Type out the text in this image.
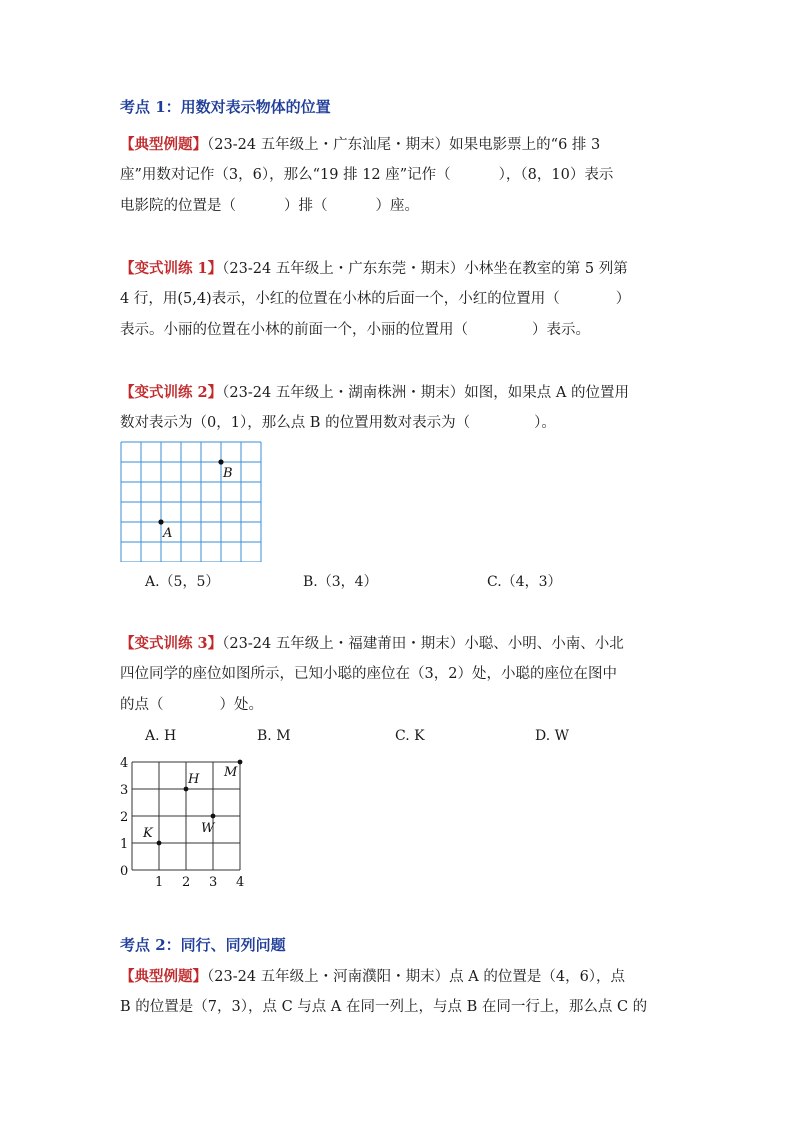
考点 1：用数对表示物体的位置
【典型例题】（23-24 五年级上・广东汕尾・期末）如果电影票上的“6 排 3
座”用数对记作（3，6），那么“19 排 12 座”记作（	），（8，10）表示
电影院的位置是（	）排（	）座。
【变式训练 1】（23-24 五年级上・广东东莞・期末）小林坐在教室的第 5 列第
4 行，用(5,4)表示，小红的位置在小林的后面一个，小红的位置用（	）
表示。小丽的位置在小林的前面一个，小丽的位置用（	）表示。
【变式训练 2】（23-24 五年级上・湖南株洲・期末）如图，如果点 A 的位置用
数对表示为（0，1），那么点 B 的位置用数对表示为（	）。
B
A
A.（5，5）	B.（3，4）	C.（4，3）
【变式训练 3】（23-24 五年级上・福建莆田・期末）小聪、小明、小南、小北
四位同学的座位如图所示，已知小聪的座位在（3，2）处，小聪的座位在图中
的点（	）处。
A. H	B. M	C. K	D. W
0
1 2 3 4
1
2
3
4
H M
K	W
考点 2：同行、同列问题
【典型例题】（23-24 五年级上・河南濮阳・期末）点 A 的位置是（4，6），点
B 的位置是（7，3），点 C 与点 A 在同一列上，与点 B 在同一行上，那么点 C 的
